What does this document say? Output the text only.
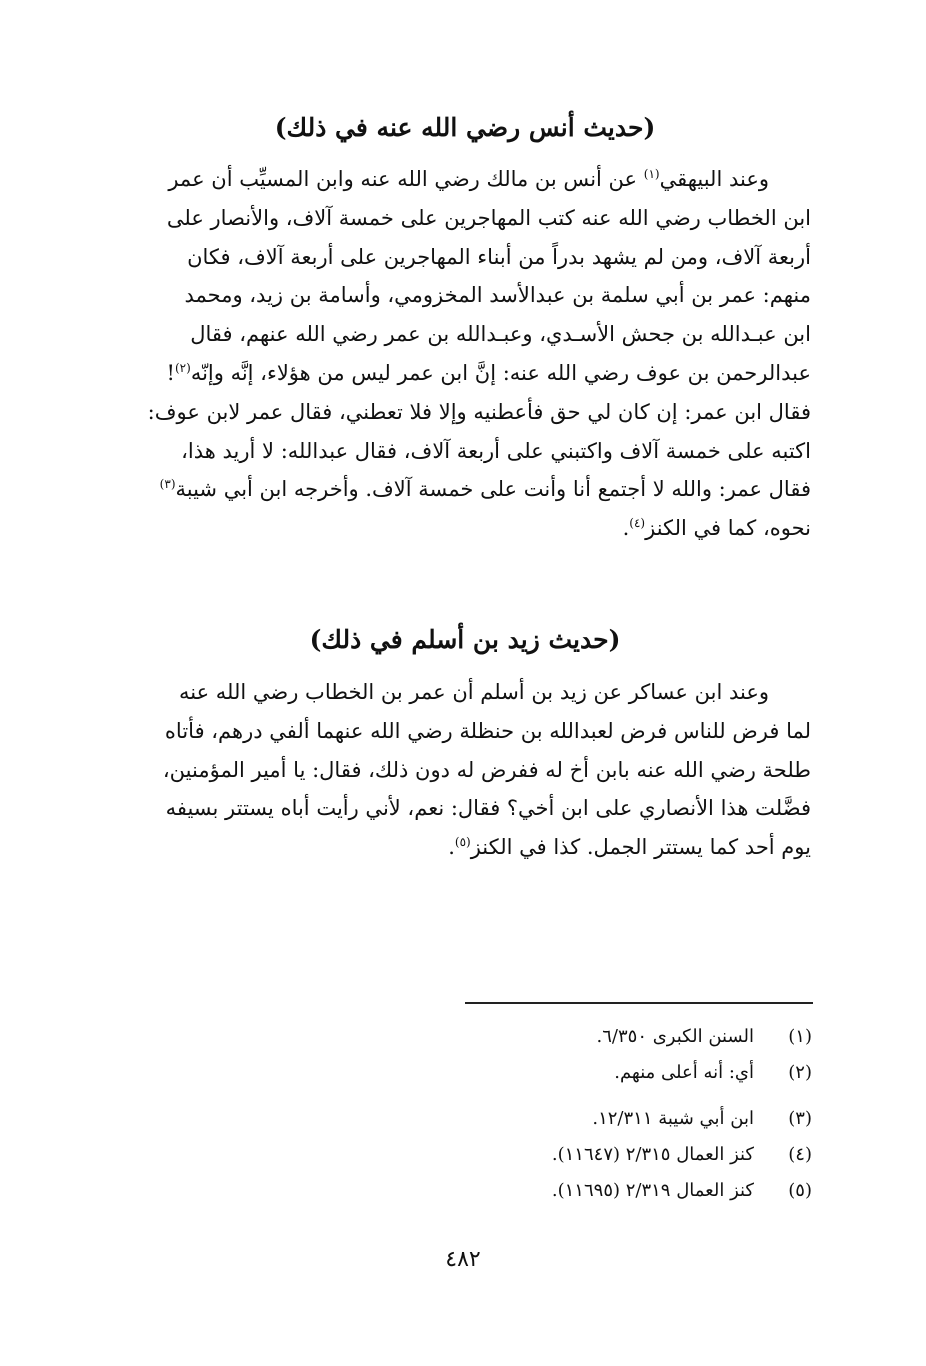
(حديث أنس رضي الله عنه في ذلك)
وعند البيهقي$^{(١)}$ عن أنس بن مالك رضي الله عنه وابن المسيِّب أن عمر
ابن الخطاب رضي الله عنه كتب المهاجرين على خمسة آلاف، والأنصار على
أربعة آلاف، ومن لم يشهد بدراً من أبناء المهاجرين على أربعة آلاف، فكان
منهم: عمر بن أبي سلمة بن عبدالأسد المخزومي، وأسامة بن زيد، ومحمد
ابن عبـدالله بن جحش الأسـدي، وعبـدالله بن عمر رضي الله عنهم، فقال
عبدالرحمن بن عوف رضي الله عنه: إنَّ ابن عمر ليس من هؤلاء، إنَّه وإنّه$^{(٢)}$!
فقال ابن عمر: إن كان لي حق فأعطنيه وإلا فلا تعطني، فقال عمر لابن عوف:
اكتبه على خمسة آلاف واكتبني على أربعة آلاف، فقال عبدالله: لا أريد هذا،
فقال عمر: والله لا أجتمع أنا وأنت على خمسة آلاف. وأخرجه ابن أبي شيبة$^{(٣)}$
نحوه، كما في الكنز$^{(٤)}$.
(حديث زيد بن أسلم في ذلك)
وعند ابن عساكر عن زيد بن أسلم أن عمر بن الخطاب رضي الله عنه
لما فرض للناس فرض لعبدالله بن حنظلة رضي الله عنهما ألفي درهم، فأتاه
طلحة رضي الله عنه بابن أخ له ففرض له دون ذلك، فقال: يا أمير المؤمنين،
فضَّلت هذا الأنصاري على ابن أخي؟ فقال: نعم، لأني رأيت أباه يستتر بسيفه
يوم أحد كما يستتر الجمل. كذا في الكنز$^{(٥)}$.
(١)
السنن الكبرى ٦/٣٥٠.
(٢)
أي: أنه أعلى منهم.
(٣)
ابن أبي شيبة ١٢/٣١١.
(٤)
كنز العمال ٢/٣١٥ (١١٦٤٧).
(٥)
كنز العمال ٢/٣١٩ (١١٦٩٥).
٤٨٢
